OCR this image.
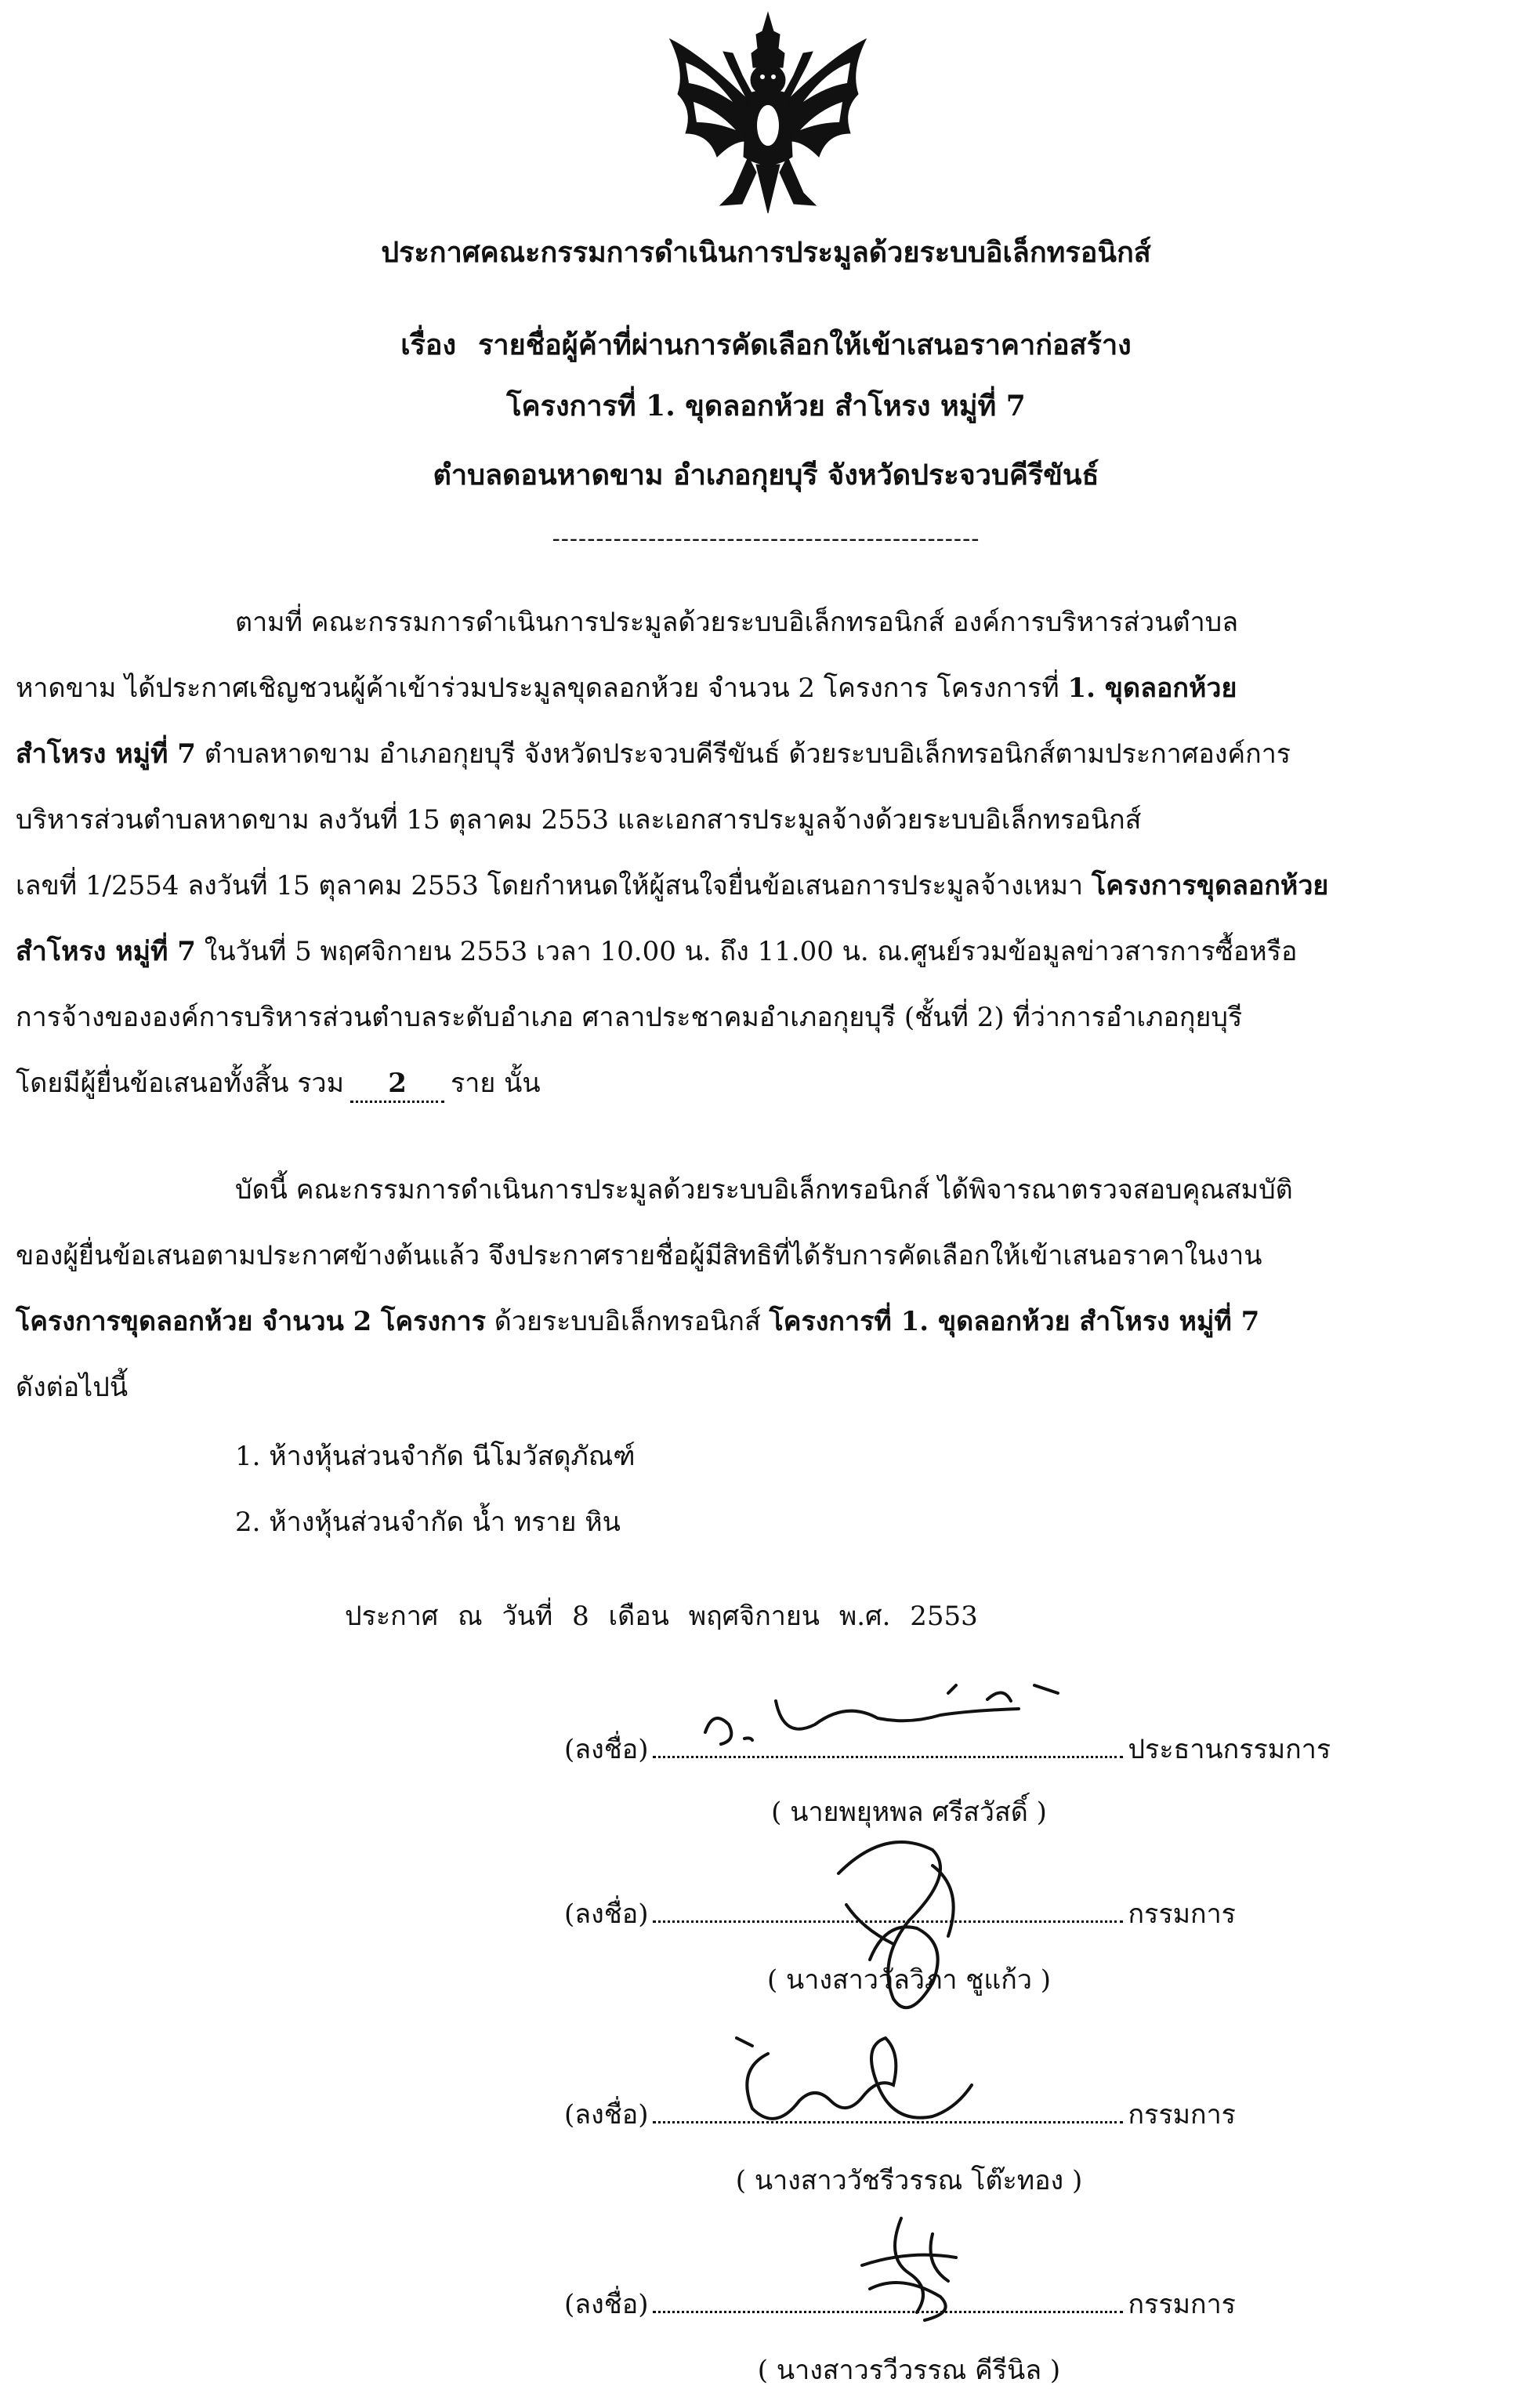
ประกาศคณะกรรมการดำเนินการประมูลด้วยระบบอิเล็กทรอนิกส์
เรื่อง รายชื่อผู้ค้าที่ผ่านการคัดเลือกให้เข้าเสนอราคาก่อสร้าง
โครงการที่ 1. ขุดลอกห้วย สำโหรง หมู่ที่ 7
ตำบลดอนหาดขาม อำเภอกุยบุรี จังหวัดประจวบคีรีขันธ์
-------------------------------------------------
ตามที่ คณะกรรมการดำเนินการประมูลด้วยระบบอิเล็กทรอนิกส์ องค์การบริหารส่วนตำบล
หาดขาม ได้ประกาศเชิญชวนผู้ค้าเข้าร่วมประมูลขุดลอกห้วย จำนวน 2 โครงการ โครงการที่ 1. ขุดลอกห้วย
สำโหรง หมู่ที่ 7 ตำบลหาดขาม อำเภอกุยบุรี จังหวัดประจวบคีรีขันธ์ ด้วยระบบอิเล็กทรอนิกส์ตามประกาศองค์การ
บริหารส่วนตำบลหาดขาม ลงวันที่ 15 ตุลาคม 2553 และเอกสารประมูลจ้างด้วยระบบอิเล็กทรอนิกส์
เลขที่ 1/2554 ลงวันที่ 15 ตุลาคม 2553 โดยกำหนดให้ผู้สนใจยื่นข้อเสนอการประมูลจ้างเหมา โครงการขุดลอกห้วย
สำโหรง หมู่ที่ 7 ในวันที่ 5 พฤศจิกายน 2553 เวลา 10.00 น. ถึง 11.00 น. ณ.ศูนย์รวมข้อมูลข่าวสารการซื้อหรือ
การจ้างขององค์การบริหารส่วนตำบลระดับอำเภอ ศาลาประชาคมอำเภอกุยบุรี (ชั้นที่ 2) ที่ว่าการอำเภอกุยบุรี
โดยมีผู้ยื่นข้อเสนอทั้งสิ้น รวม 2 ราย นั้น
บัดนี้ คณะกรรมการดำเนินการประมูลด้วยระบบอิเล็กทรอนิกส์ ได้พิจารณาตรวจสอบคุณสมบัติ
ของผู้ยื่นข้อเสนอตามประกาศข้างต้นแล้ว จึงประกาศรายชื่อผู้มีสิทธิที่ได้รับการคัดเลือกให้เข้าเสนอราคาในงาน
โครงการขุดลอกห้วย จำนวน 2 โครงการ ด้วยระบบอิเล็กทรอนิกส์ โครงการที่ 1. ขุดลอกห้วย สำโหรง หมู่ที่ 7
ดังต่อไปนี้
1. ห้างหุ้นส่วนจำกัด นีโมวัสดุภัณฑ์
2. ห้างหุ้นส่วนจำกัด น้ำ ทราย หิน
ประกาศ ณ วันที่ 8 เดือน พฤศจิกายน พ.ศ. 2553
(ลงชื่อ)	ประธานกรรมการ
( นายพยุหพล ศรีสวัสดิ์ )
(ลงชื่อ)	กรรมการ
( นางสาววัลวิภา ชูแก้ว )
(ลงชื่อ)	กรรมการ
( นางสาววัชรีวรรณ โต๊ะทอง )
(ลงชื่อ)	กรรมการ
( นางสาวรวีวรรณ คีรีนิล )
